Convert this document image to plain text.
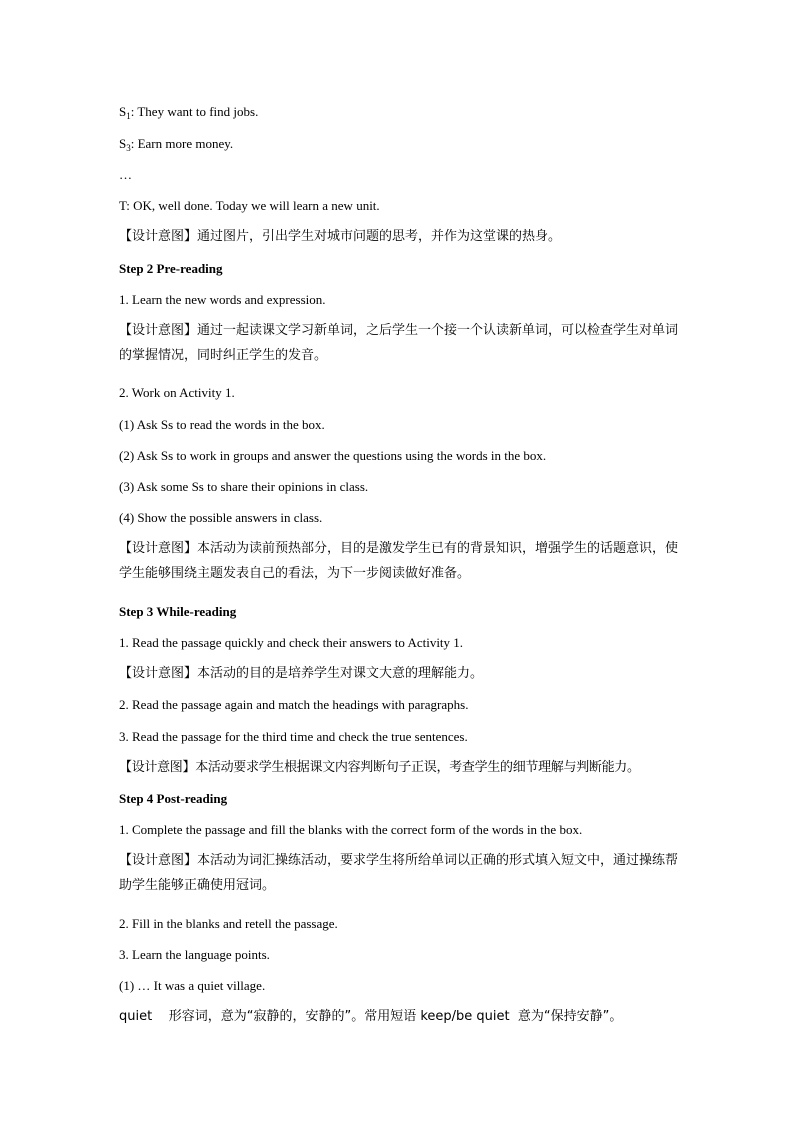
$S_1$: They want to find jobs.
$S_3$: Earn more money.
…
T: OK, well done. Today we will learn a new unit.
【设计意图】通过图片，引出学生对城市问题的思考，并作为这堂课的热身。
Step 2 Pre-reading
1. Learn the new words and expression.
【设计意图】通过一起读课文学习新单词，之后学生一个接一个认读新单词，可以检查学生对单词的掌握情况，同时纠正学生的发音。
2. Work on Activity 1.
(1) Ask Ss to read the words in the box.
(2) Ask Ss to work in groups and answer the questions using the words in the box.
(3) Ask some Ss to share their opinions in class.
(4) Show the possible answers in class.
【设计意图】本活动为读前预热部分，目的是激发学生已有的背景知识，增强学生的话题意识，使学生能够围绕主题发表自己的看法，为下一步阅读做好准备。
Step 3 While-reading
1. Read the passage quickly and check their answers to Activity 1.
【设计意图】本活动的目的是培养学生对课文大意的理解能力。
2. Read the passage again and match the headings with paragraphs.
3. Read the passage for the third time and check the true sentences.
【设计意图】本活动要求学生根据课文内容判断句子正误，考查学生的细节理解与判断能力。
Step 4 Post-reading
1. Complete the passage and fill the blanks with the correct form of the words in the box.
【设计意图】本活动为词汇操练活动，要求学生将所给单词以正确的形式填入短文中，通过操练帮助学生能够正确使用冠词。
2. Fill in the blanks and retell the passage.
3. Learn the language points.
(1) … It was a quiet village.
quiet    形容词，意为“寂静的，安静的”。常用短语 keep/be quiet  意为“保持安静”。
